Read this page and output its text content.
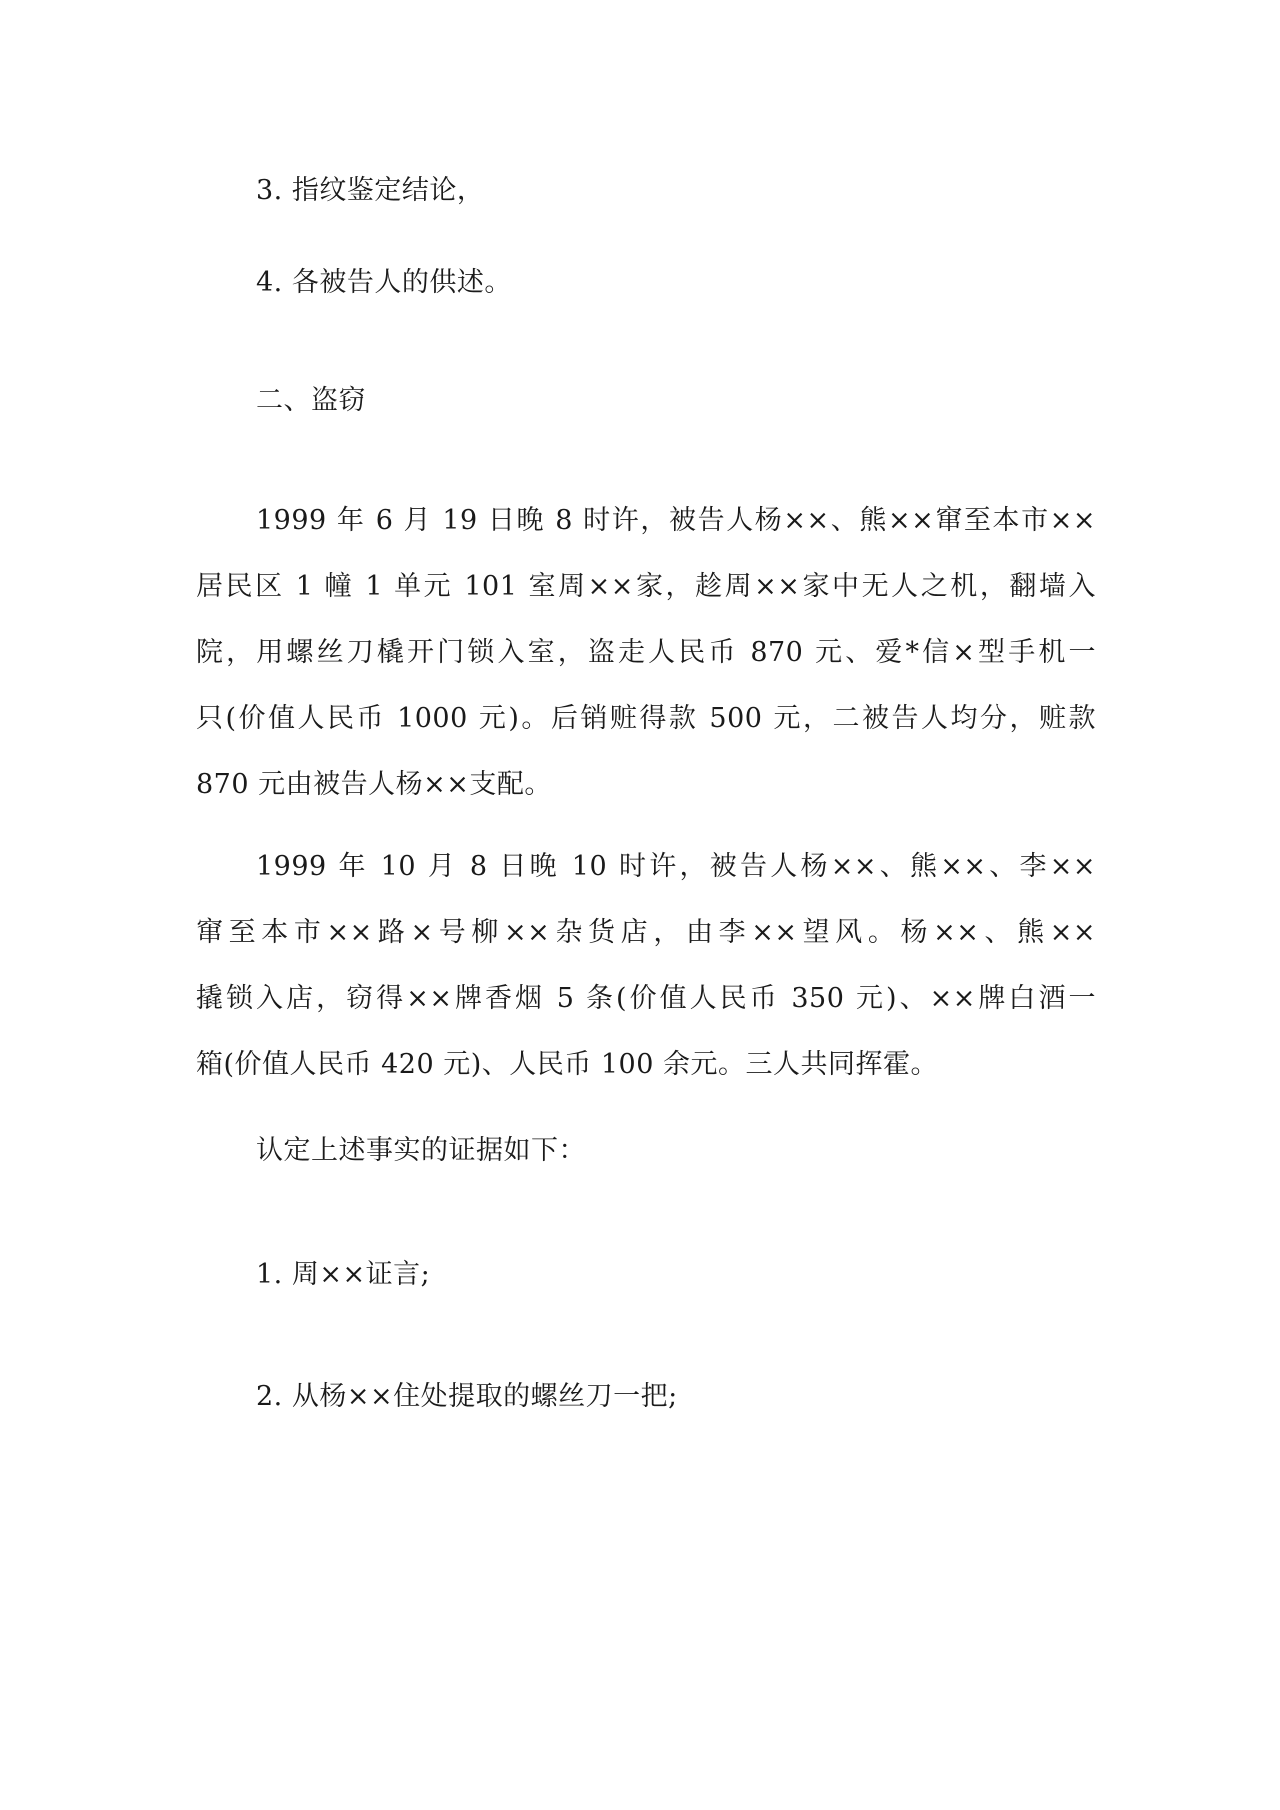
3. 指纹鉴定结论，

4. 各被告人的供述。

二、盗窃

1999 年 6 月 19 日晚 8 时许，被告人杨××、熊××窜至本市××
居民区 1 幢 1 单元 101 室周××家，趁周××家中无人之机，翻墙入
院，用螺丝刀橇开门锁入室，盗走人民币 870 元、爱*信×型手机一
只(价值人民币 1000 元)。后销赃得款 500 元，二被告人均分，赃款
870 元由被告人杨××支配。
1999 年 10 月 8 日晚 10 时许，被告人杨××、熊××、李××
窜至本市××路×号柳××杂货店，由李××望风。杨××、熊××
撬锁入店，窃得××牌香烟 5 条(价值人民币 350 元)、××牌白酒一
箱(价值人民币 420 元)、人民币 100 余元。三人共同挥霍。

认定上述事实的证据如下：

1. 周××证言;

2. 从杨××住处提取的螺丝刀一把;
